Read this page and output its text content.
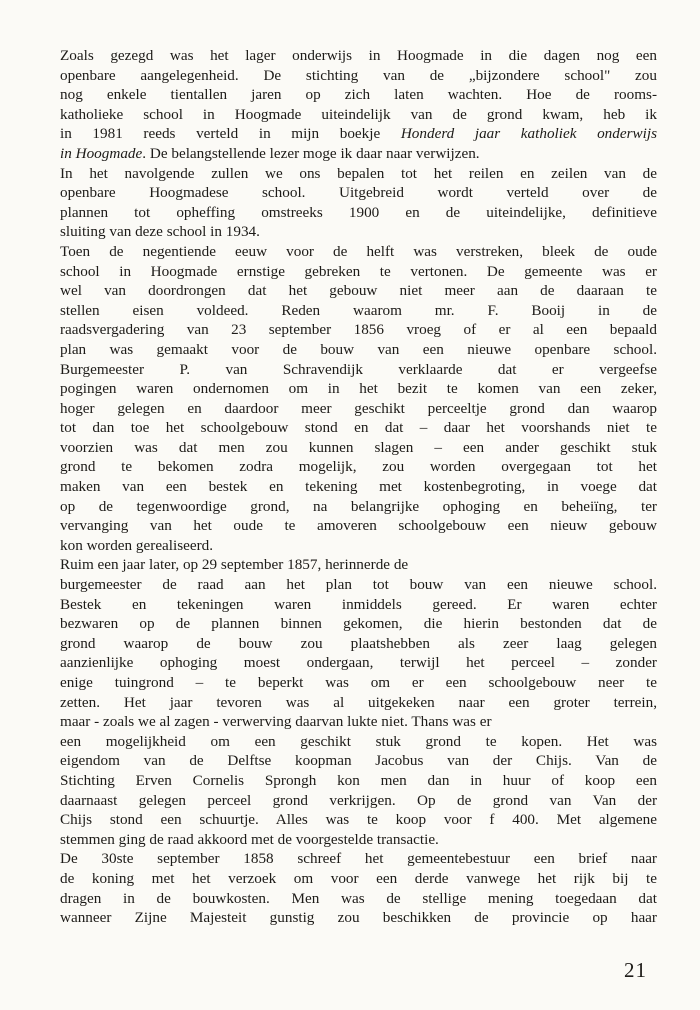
Zoals gezegd was het lager onderwijs in Hoogmade in die dagen nog een
openbare aangelegenheid. De stichting van de „bijzondere school" zou
nog enkele tientallen jaren op zich laten wachten. Hoe de rooms-
katholieke school in Hoogmade uiteindelijk van de grond kwam, heb ik
in 1981 reeds verteld in mijn boekje Honderd jaar katholiek onderwijs
in Hoogmade. De belangstellende lezer moge ik daar naar verwijzen.
In het navolgende zullen we ons bepalen tot het reilen en zeilen van de
openbare Hoogmadese school. Uitgebreid wordt verteld over de
plannen tot opheffing omstreeks 1900 en de uiteindelijke, definitieve
sluiting van deze school in 1934.
Toen de negentiende eeuw voor de helft was verstreken, bleek de oude
school in Hoogmade ernstige gebreken te vertonen. De gemeente was er
wel van doordrongen dat het gebouw niet meer aan de daaraan te
stellen eisen voldeed. Reden waarom mr. F. Booij in de
raadsvergadering van 23 september 1856 vroeg of er al een bepaald
plan was gemaakt voor de bouw van een nieuwe openbare school.
Burgemeester P. van Schravendijk verklaarde dat er vergeefse
pogingen waren ondernomen om in het bezit te komen van een zeker,
hoger gelegen en daardoor meer geschikt perceeltje grond dan waarop
tot dan toe het schoolgebouw stond en dat – daar het voorshands niet te
voorzien was dat men zou kunnen slagen – een ander geschikt stuk
grond te bekomen zodra mogelijk, zou worden overgegaan tot het
maken van een bestek en tekening met kostenbegroting, in voege dat
op de tegenwoordige grond, na belangrijke ophoging en beheiïng, ter
vervanging van het oude te amoveren schoolgebouw een nieuw gebouw
kon worden gerealiseerd.
Ruim een jaar later, op 29 september 1857, herinnerde de
burgemeester de raad aan het plan tot bouw van een nieuwe school.
Bestek en tekeningen waren inmiddels gereed. Er waren echter
bezwaren op de plannen binnen gekomen, die hierin bestonden dat de
grond waarop de bouw zou plaatshebben als zeer laag gelegen
aanzienlijke ophoging moest ondergaan, terwijl het perceel – zonder
enige tuingrond – te beperkt was om er een schoolgebouw neer te
zetten. Het jaar tevoren was al uitgekeken naar een groter terrein,
maar - zoals we al zagen - verwerving daarvan lukte niet. Thans was er
een mogelijkheid om een geschikt stuk grond te kopen. Het was
eigendom van de Delftse koopman Jacobus van der Chijs. Van de
Stichting Erven Cornelis Sprongh kon men dan in huur of koop een
daarnaast gelegen perceel grond verkrijgen. Op de grond van Van der
Chijs stond een schuurtje. Alles was te koop voor f 400. Met algemene
stemmen ging de raad akkoord met de voorgestelde transactie.
De 30ste september 1858 schreef het gemeentebestuur een brief naar
de koning met het verzoek om voor een derde vanwege het rijk bij te
dragen in de bouwkosten. Men was de stellige mening toegedaan dat
wanneer Zijne Majesteit gunstig zou beschikken de provincie op haar
21
